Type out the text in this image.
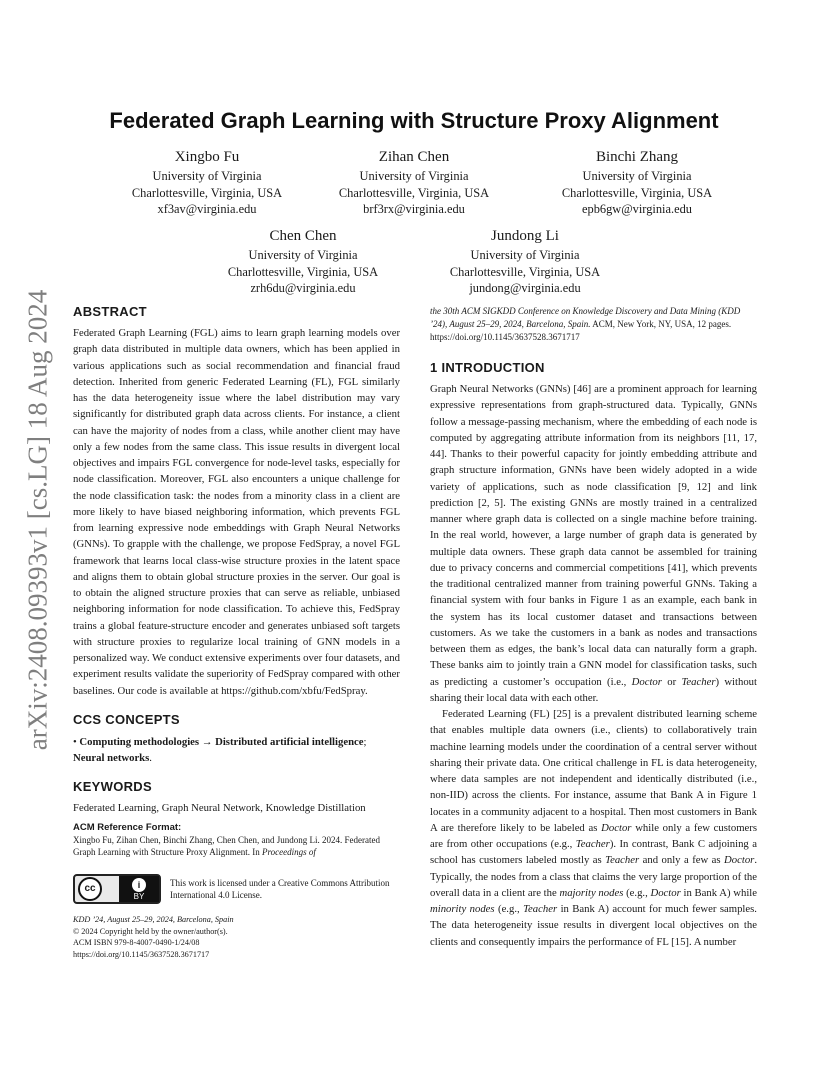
arXiv:2408.09393v1 [cs.LG] 18 Aug 2024
Federated Graph Learning with Structure Proxy Alignment
Xingbo Fu
University of Virginia
Charlottesville, Virginia, USA
xf3av@virginia.edu
Zihan Chen
University of Virginia
Charlottesville, Virginia, USA
brf3rx@virginia.edu
Binchi Zhang
University of Virginia
Charlottesville, Virginia, USA
epb6gw@virginia.edu
Chen Chen
University of Virginia
Charlottesville, Virginia, USA
zrh6du@virginia.edu
Jundong Li
University of Virginia
Charlottesville, Virginia, USA
jundong@virginia.edu
ABSTRACT

Federated Graph Learning (FGL) aims to learn graph learning models over graph data distributed in multiple data owners, which has been applied in various applications such as social recommendation and financial fraud detection. Inherited from generic Federated Learning (FL), FGL similarly has the data heterogeneity issue where the label distribution may vary significantly for distributed graph data across clients. For instance, a client can have the majority of nodes from a class, while another client may have only a few nodes from the same class. This issue results in divergent local objectives and impairs FGL convergence for node-level tasks, especially for node classification. Moreover, FGL also encounters a unique challenge for the node classification task: the nodes from a minority class in a client are more likely to have biased neighboring information, which prevents FGL from learning expressive node embeddings with Graph Neural Networks (GNNs). To grapple with the challenge, we propose FedSpray, a novel FGL framework that learns local class-wise structure proxies in the latent space and aligns them to obtain global structure proxies in the server. Our goal is to obtain the aligned structure proxies that can serve as reliable, unbiased neighboring information for node classification. To achieve this, FedSpray trains a global feature-structure encoder and generates unbiased soft targets with structure proxies to regularize local training of GNN models in a personalized way. We conduct extensive experiments over four datasets, and experiment results validate the superiority of FedSpray compared with other baselines. Our code is available at https://github.com/xbfu/FedSpray.

CCS CONCEPTS

• Computing methodologies → Distributed artificial intelligence; Neural networks.

KEYWORDS

Federated Learning, Graph Neural Network, Knowledge Distillation

ACM Reference Format:
Xingbo Fu, Zihan Chen, Binchi Zhang, Chen Chen, and Jundong Li. 2024. Federated Graph Learning with Structure Proxy Alignment. In Proceedings of
cc	i
BY
This work is licensed under a Creative Commons Attribution International 4.0 License.
KDD ’24, August 25–29, 2024, Barcelona, Spain
© 2024 Copyright held by the owner/author(s).
ACM ISBN 979-8-4007-0490-1/24/08
https://doi.org/10.1145/3637528.3671717
the 30th ACM SIGKDD Conference on Knowledge Discovery and Data Mining (KDD ’24), August 25–29, 2024, Barcelona, Spain. ACM, New York, NY, USA, 12 pages. https://doi.org/10.1145/3637528.3671717
1 INTRODUCTION

Graph Neural Networks (GNNs) [46] are a prominent approach for learning expressive representations from graph-structured data. Typically, GNNs follow a message-passing mechanism, where the embedding of each node is computed by aggregating attribute information from its neighbors [11, 17, 44]. Thanks to their powerful capacity for jointly embedding attribute and graph structure information, GNNs have been widely adopted in a wide variety of applications, such as node classification [9, 12] and link prediction [2, 5]. The existing GNNs are mostly trained in a centralized manner where graph data is collected on a single machine before training. In the real world, however, a large number of graph data is generated by multiple data owners. These graph data cannot be assembled for training due to privacy concerns and commercial competitions [41], which prevents the traditional centralized manner from training powerful GNNs. Taking a financial system with four banks in Figure 1 as an example, each bank in the system has its local customer dataset and transactions between customers. As we take the customers in a bank as nodes and transactions between them as edges, the bank’s local data can naturally form a graph. These banks aim to jointly train a GNN model for classification tasks, such as predicting a customer’s occupation (i.e., Doctor or Teacher) without sharing their local data with each other.

Federated Learning (FL) [25] is a prevalent distributed learning scheme that enables multiple data owners (i.e., clients) to collaboratively train machine learning models under the coordination of a central server without sharing their private data. One critical challenge in FL is data heterogeneity, where data samples are not independent and identically distributed (i.e., non-IID) across the clients. For instance, assume that Bank A in Figure 1 locates in a community adjacent to a hospital. Then most customers in Bank A are therefore likely to be labeled as Doctor while only a few customers are from other occupations (e.g., Teacher). In contrast, Bank C adjoining a school has customers labeled mostly as Teacher and only a few as Doctor. Typically, the nodes from a class that claims the very large proportion of the overall data in a client are the majority nodes (e.g., Doctor in Bank A) while minority nodes (e.g., Teacher in Bank A) account for much fewer samples. The data heterogeneity issue results in divergent local objectives on the clients and consequently impairs the performance of FL [15]. A number
